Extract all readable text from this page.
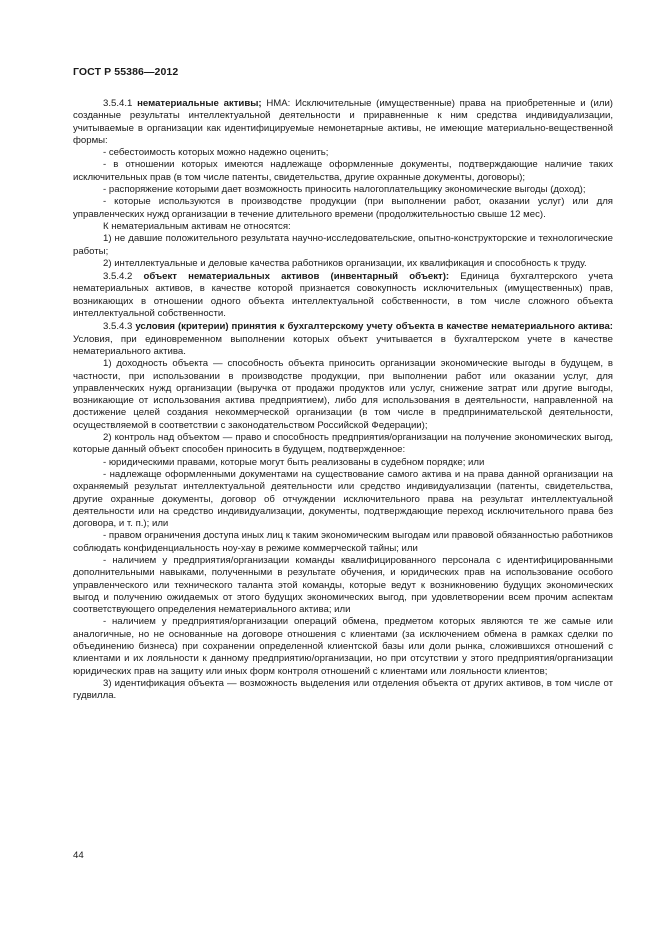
ГОСТ Р 55386—2012

3.5.4.1 нематериальные активы; НМА: Исключительные (имущественные) права на приобретенные и (или) созданные результаты интеллектуальной деятельности и приравненные к ним средства индивидуализации, учитываемые в организации как идентифицируемые немонетарные активы, не имеющие материально-вещественной формы:

- себестоимость которых можно надежно оценить;

- в отношении которых имеются надлежаще оформленные документы, подтверждающие наличие таких исключительных прав (в том числе патенты, свидетельства, другие охранные документы, договоры);

- распоряжение которыми дает возможность приносить налогоплательщику экономические выгоды (доход);

- которые используются в производстве продукции (при выполнении работ, оказании услуг) или для управленческих нужд организации в течение длительного времени (продолжительностью свыше 12 мес).

К нематериальным активам не относятся:

1) не давшие положительного результата научно-исследовательские, опытно-конструкторские и технологические работы;

2) интеллектуальные и деловые качества работников организации, их квалификация и способность к труду.

3.5.4.2 объект нематериальных активов (инвентарный объект): Единица бухгалтерского учета нематериальных активов, в качестве которой признается совокупность исключительных (имущественных) прав, возникающих в отношении одного объекта интеллектуальной собственности, в том числе сложного объекта интеллектуальной собственности.

3.5.4.3 условия (критерии) принятия к бухгалтерскому учету объекта в качестве нематериального актива: Условия, при единовременном выполнении которых объект учитывается в бухгалтерском учете в качестве нематериального актива.

1) доходность объекта — способность объекта приносить организации экономические выгоды в будущем, в частности, при использовании в производстве продукции, при выполнении работ или оказании услуг, для управленческих нужд организации (выручка от продажи продуктов или услуг, снижение затрат или другие выгоды, возникающие от использования актива предприятием), либо для использования в деятельности, направленной на достижение целей создания некоммерческой организации (в том числе в предпринимательской деятельности, осуществляемой в соответствии с законодательством Российской Федерации);

2) контроль над объектом — право и способность предприятия/организации на получение экономических выгод, которые данный объект способен приносить в будущем, подтвержденное:

- юридическими правами, которые могут быть реализованы в судебном порядке; или

- надлежаще оформленными документами на существование самого актива и на права данной организации на охраняемый результат интеллектуальной деятельности или средство индивидуализации (патенты, свидетельства, другие охранные документы, договор об отчуждении исключительного права на результат интеллектуальной деятельности или на средство индивидуализации, документы, подтверждающие переход исключительного права без договора, и т. п.); или

- правом ограничения доступа иных лиц к таким экономическим выгодам или правовой обязанностью работников соблюдать конфиденциальность ноу-хау в режиме коммерческой тайны; или

- наличием у предприятия/организации команды квалифицированного персонала с идентифицированными дополнительными навыками, полученными в результате обучения, и юридических прав на использование особого управленческого или технического таланта этой команды, которые ведут к возникновению будущих экономических выгод и получению ожидаемых от этого будущих экономических выгод, при удовлетворении всем прочим аспектам соответствующего определения нематериального актива; или

- наличием у предприятия/организации операций обмена, предметом которых являются те же самые или аналогичные, но не основанные на договоре отношения с клиентами (за исключением обмена в рамках сделки по объединению бизнеса) при сохранении определенной клиентской базы или доли рынка, сложившихся отношений с клиентами и их лояльности к данному предприятию/организации, но при отсутствии у этого предприятия/организации юридических прав на защиту или иных форм контроля отношений с клиентами или лояльности клиентов;

3) идентификация объекта — возможность выделения или отделения объекта от других активов, в том числе от гудвилла.

44
